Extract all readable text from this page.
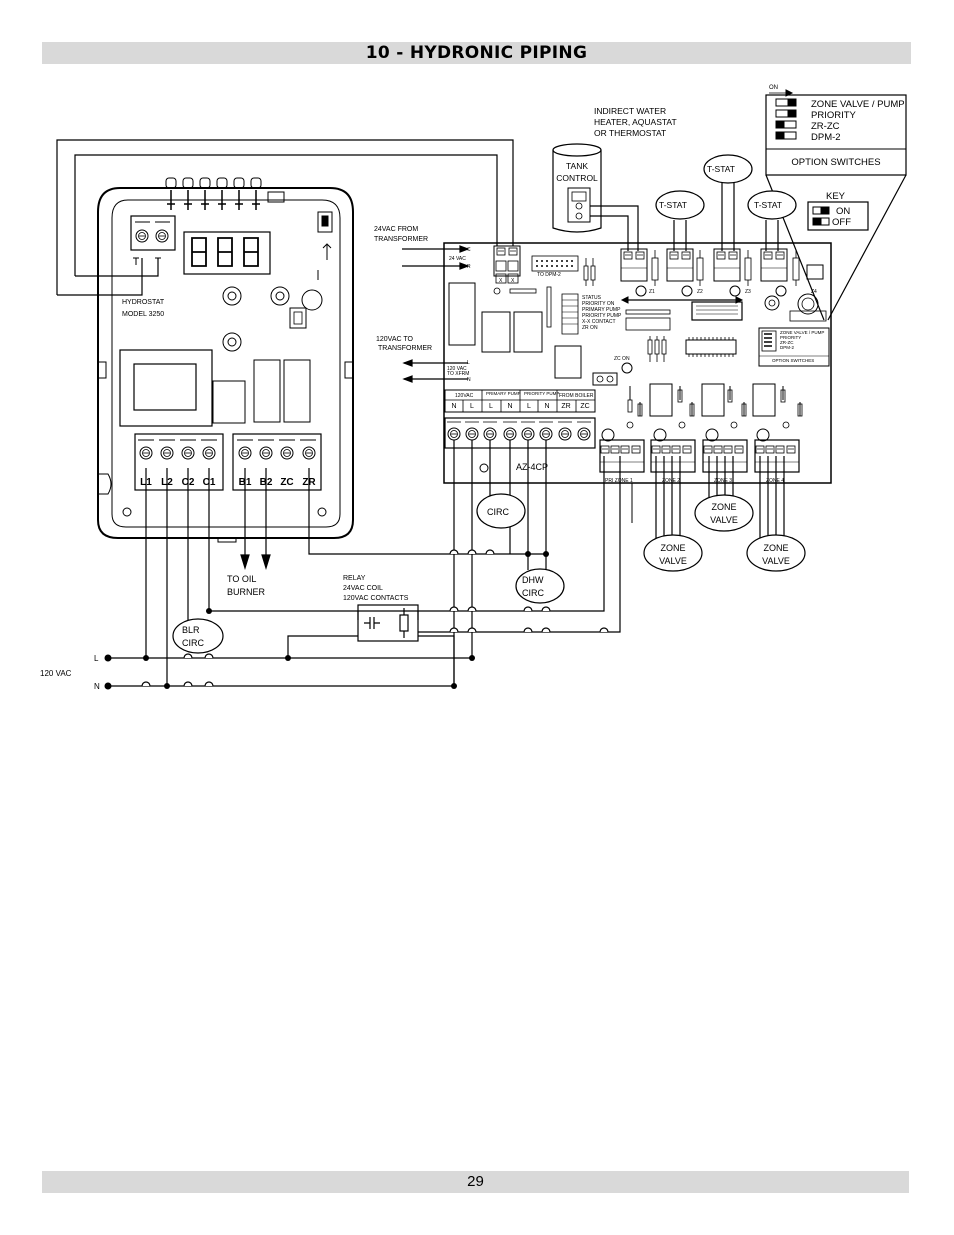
10 - HYDRONIC PIPING
HYDROSTAT
MODEL 3250
L1 L2 C2 C1 B1 B2 ZC ZR
C
24 VAC
R
X X
TO DPM-2
STATUS
PRIORITY ON
PRIMARY PUMP
PRIORITY PUMP
X-X CONTACT
ZR ON
L
120 VAC
TO XFRM
N
120VAC	PRIMARY PUMP PRIORITY PUMP FROM BOILER
N L L N L N ZR ZC
ZC ON
Z1	Z2	Z3	Z4
PRI ZONE 1	ZONE 2	ZONE 3	ZONE 4
ZONE VALVE / PUMP
PRIORITY
ZR-ZC
DPM-2
OPTION SWITCHES
INDIRECT WATER
HEATER, AQUASTAT
OR THERMOSTAT
TANK
CONTROL
T-STAT
T-STAT
T-STAT
24VAC FROM
TRANSFORMER
120VAC TO
TRANSFORMER
RELAY
24VAC COIL
120VAC CONTACTS
TO OIL
BURNER
BLR
CIRC
CIRC
DHW
CIRC
AZ-4CP
ZONE
VALVE
ZONE
VALVE
ZONE
VALVE
L
N
120 VAC
ON
ZONE VALVE / PUMP
PRIORITY
ZR-ZC
DPM-2
OPTION SWITCHES
KEY
ON
OFF
29
